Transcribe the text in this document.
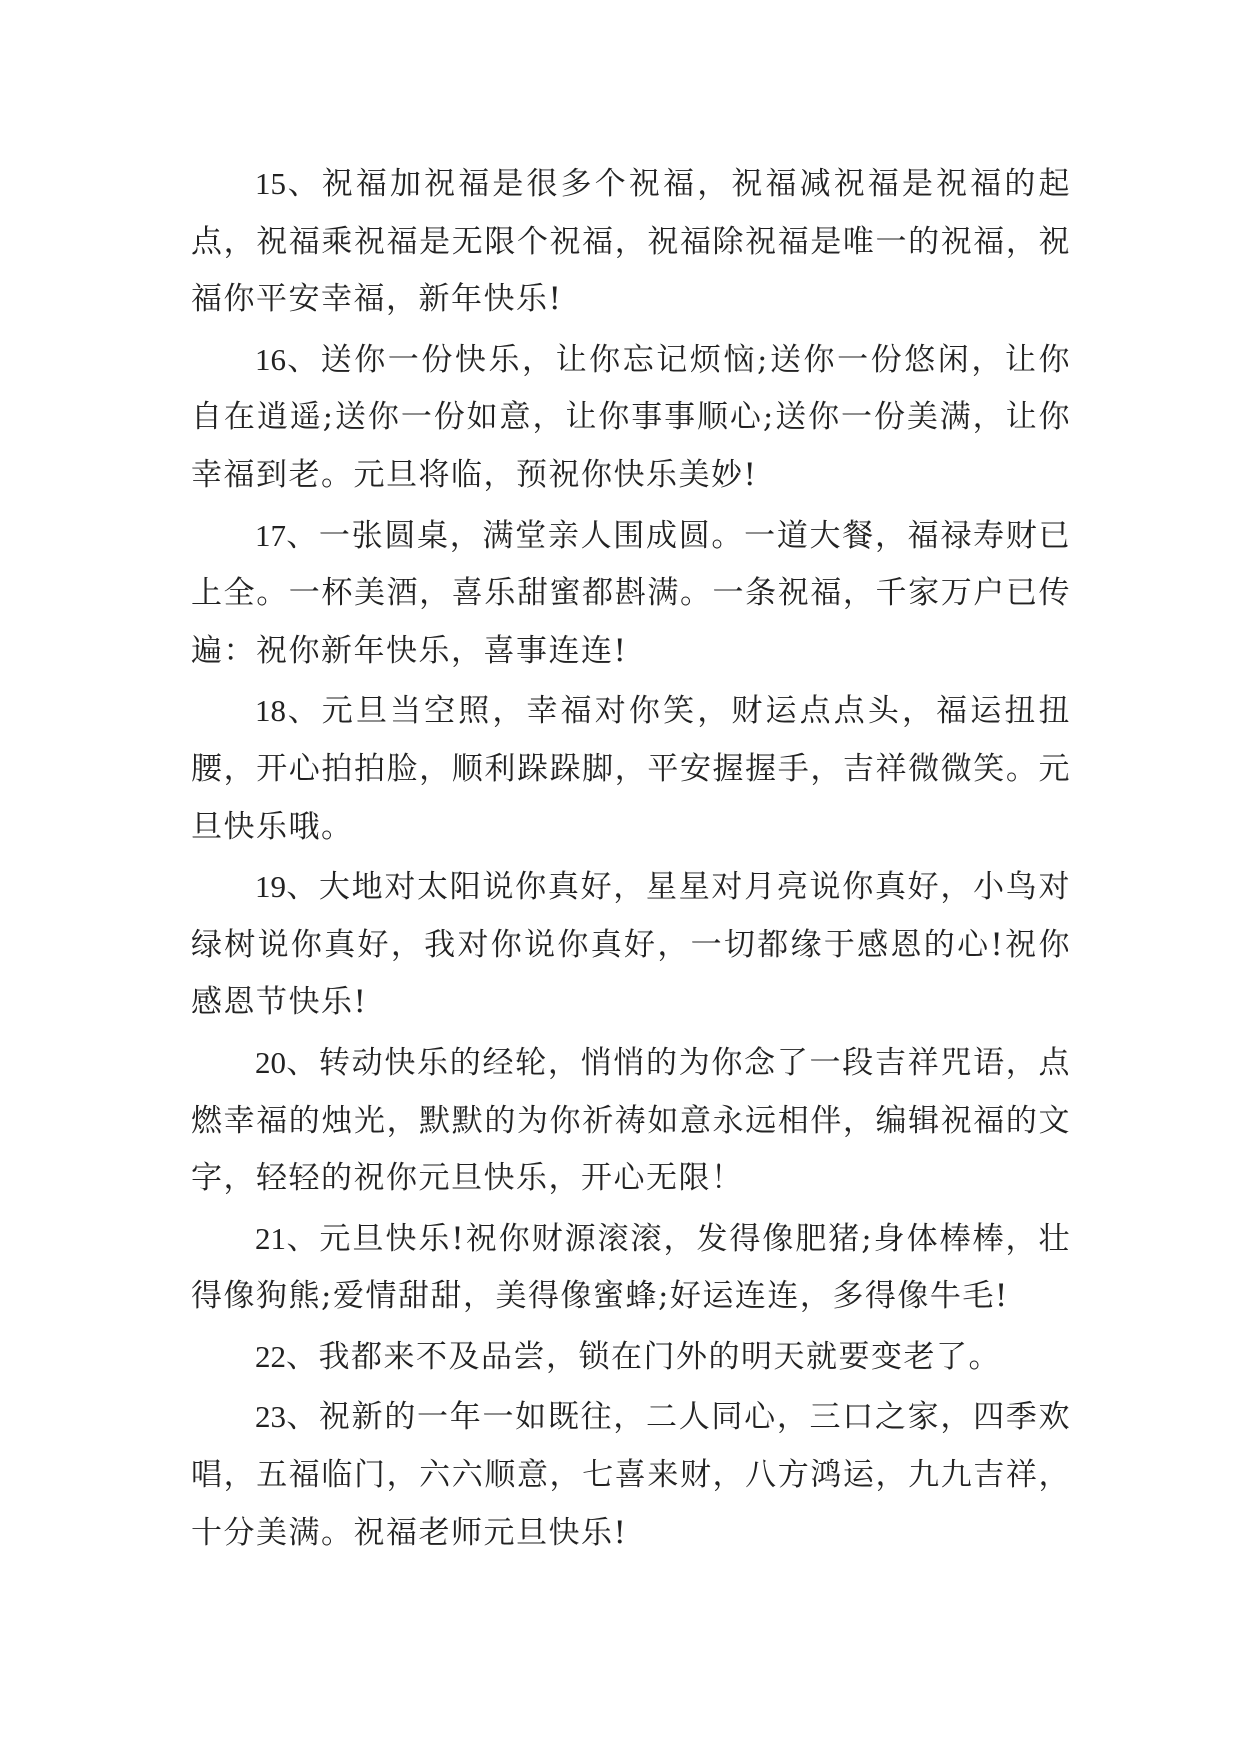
15、祝福加祝福是很多个祝福，祝福减祝福是祝福的起点，祝福乘祝福是无限个祝福，祝福除祝福是唯一的祝福，祝福你平安幸福，新年快乐!

16、送你一份快乐，让你忘记烦恼;送你一份悠闲，让你自在逍遥;送你一份如意，让你事事顺心;送你一份美满，让你幸福到老。元旦将临，预祝你快乐美妙!

17、一张圆桌，满堂亲人围成圆。一道大餐，福禄寿财已上全。一杯美酒，喜乐甜蜜都斟满。一条祝福，千家万户已传遍：祝你新年快乐，喜事连连!

18、元旦当空照，幸福对你笑，财运点点头，福运扭扭腰，开心拍拍脸，顺利跺跺脚，平安握握手，吉祥微微笑。元旦快乐哦。

19、大地对太阳说你真好，星星对月亮说你真好，小鸟对绿树说你真好，我对你说你真好，一切都缘于感恩的心!祝你感恩节快乐!

20、转动快乐的经轮，悄悄的为你念了一段吉祥咒语，点燃幸福的烛光，默默的为你祈祷如意永远相伴，编辑祝福的文字，轻轻的祝你元旦快乐，开心无限！

21、元旦快乐!祝你财源滚滚，发得像肥猪;身体棒棒，壮得像狗熊;爱情甜甜，美得像蜜蜂;好运连连，多得像牛毛!

22、我都来不及品尝，锁在门外的明天就要变老了。

23、祝新的一年一如既往，二人同心，三口之家，四季欢唱，五福临门，六六顺意，七喜来财，八方鸿运，九九吉祥，十分美满。祝福老师元旦快乐!
